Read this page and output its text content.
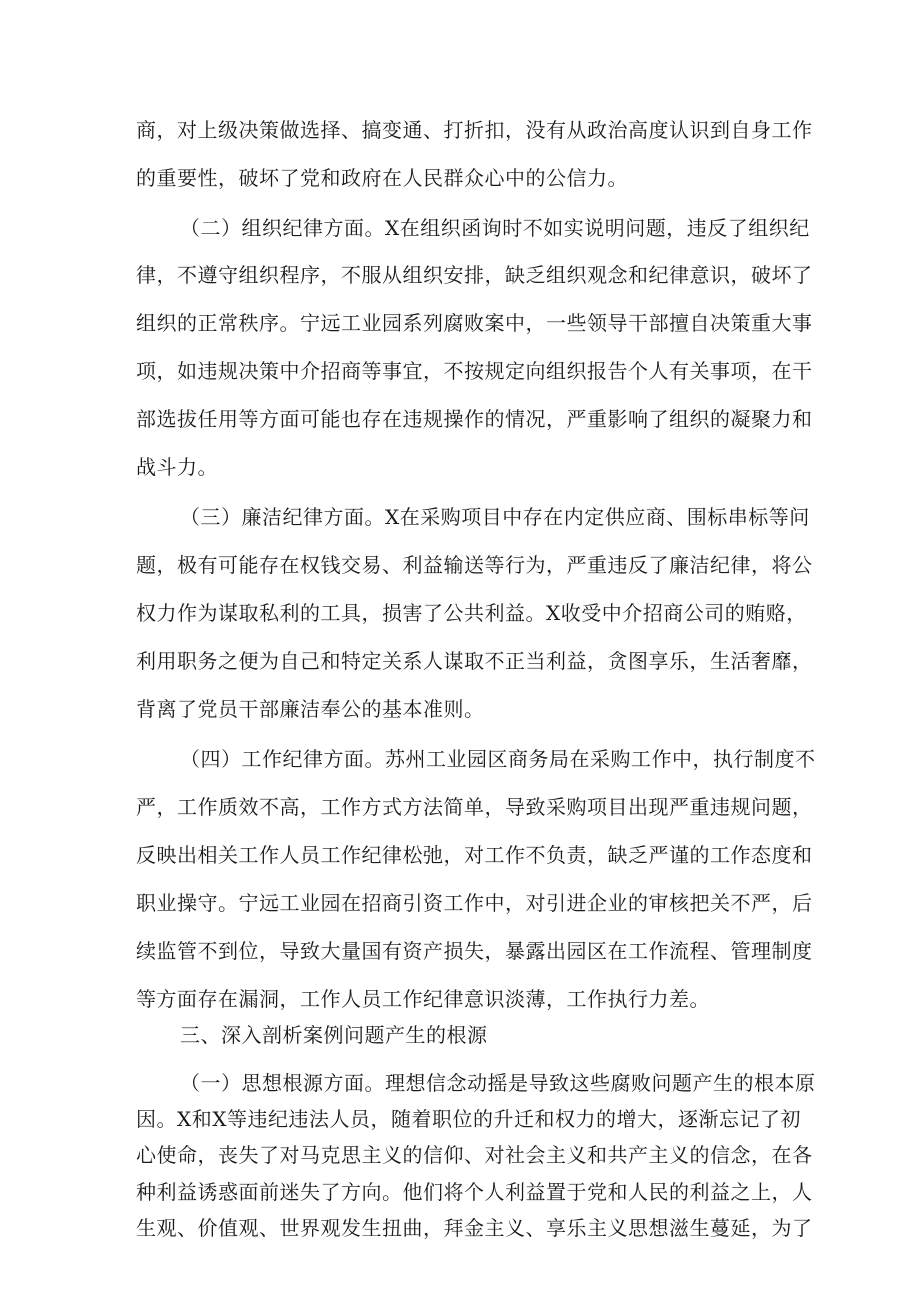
商，对上级决策做选择、搞变通、打折扣，没有从政治高度认识到自身工作
的重要性，破坏了党和政府在人民群众心中的公信力。
（二）组织纪律方面。X在组织函询时不如实说明问题，违反了组织纪
律，不遵守组织程序，不服从组织安排，缺乏组织观念和纪律意识，破坏了
组织的正常秩序。宁远工业园系列腐败案中，一些领导干部擅自决策重大事
项，如违规决策中介招商等事宜，不按规定向组织报告个人有关事项，在干
部选拔任用等方面可能也存在违规操作的情况，严重影响了组织的凝聚力和
战斗力。
（三）廉洁纪律方面。X在采购项目中存在内定供应商、围标串标等问
题，极有可能存在权钱交易、利益输送等行为，严重违反了廉洁纪律，将公
权力作为谋取私利的工具，损害了公共利益。X收受中介招商公司的贿赂，
利用职务之便为自己和特定关系人谋取不正当利益，贪图享乐，生活奢靡，
背离了党员干部廉洁奉公的基本准则。
（四）工作纪律方面。苏州工业园区商务局在采购工作中，执行制度不
严，工作质效不高，工作方式方法简单，导致采购项目出现严重违规问题，
反映出相关工作人员工作纪律松弛，对工作不负责，缺乏严谨的工作态度和
职业操守。宁远工业园在招商引资工作中，对引进企业的审核把关不严，后
续监管不到位，导致大量国有资产损失，暴露出园区在工作流程、管理制度
等方面存在漏洞，工作人员工作纪律意识淡薄，工作执行力差。
三、深入剖析案例问题产生的根源
（一）思想根源方面。理想信念动摇是导致这些腐败问题产生的根本原
因。X和X等违纪违法人员，随着职位的升迁和权力的增大，逐渐忘记了初
心使命，丧失了对马克思主义的信仰、对社会主义和共产主义的信念，在各
种利益诱惑面前迷失了方向。他们将个人利益置于党和人民的利益之上，人
生观、价值观、世界观发生扭曲，拜金主义、享乐主义思想滋生蔓延，为了
